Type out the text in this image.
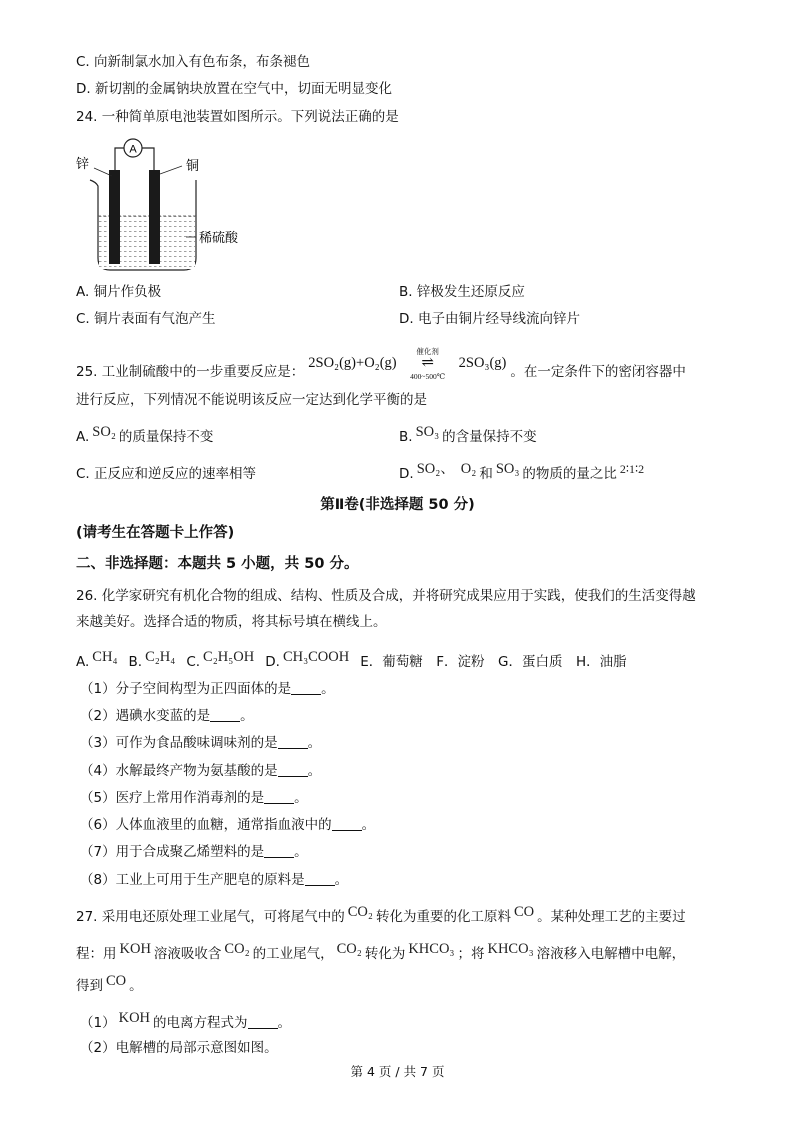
C. 向新制氯水加入有色布条，布条褪色
D. 新切割的金属钠块放置在空气中，切面无明显变化
24. 一种简单原电池装置如图所示。下列说法正确的是
A
锌	铜
稀硫酸
A. 铜片作负极	B. 锌极发生还原反应
C. 铜片表面有气泡产生	D. 电子由铜片经导线流向锌片
25. 工业制硫酸中的一步重要反应是：2SO₂(g)+O₂(g) ⇌
催化剂
400~500℃
2SO₃(g)。在一定条件下的密闭容器中
进行反应，下列情况不能说明该反应一定达到化学平衡的是
A. SO₂ 的质量保持不变	B. SO₃ 的含量保持不变
C. 正反应和逆反应的速率相等	D. SO₂、 O₂ 和 SO₃ 的物质的量之比 2∶1∶2
第Ⅱ卷(非选择题 50 分)
(请考生在答题卡上作答)
二、非选择题：本题共 5 小题，共 50 分。
26. 化学家研究有机化合物的组成、结构、性质及合成，并将研究成果应用于实践，使我们的生活变得越
来越美好。选择合适的物质，将其标号填在横线上。
A. CH₄ B. C₂H₄ C. C₂H₅OH D. CH₃COOH E．葡萄糖　F．淀粉　G．蛋白质　H．油脂
（1）分子空间构型为正四面体的是 。
（2）遇碘水变蓝的是 。
（3）可作为食品酸味调味剂的是 。
（4）水解最终产物为氨基酸的是 。
（5）医疗上常用作消毒剂的是 。
（6）人体血液里的血糖，通常指血液中的 。
（7）用于合成聚乙烯塑料的是 。
（8）工业上可用于生产肥皂的原料是 。
27. 采用电还原处理工业尾气，可将尾气中的 CO₂ 转化为重要的化工原料 CO 。某种处理工艺的主要过
程：用 KOH 溶液吸收含 CO₂ 的工业尾气， CO₂ 转化为 KHCO₃ ；将 KHCO₃ 溶液移入电解槽中电解，
得到 CO 。
（1） KOH 的电离方程式为 。
（2）电解槽的局部示意图如图。
第 4 页 / 共 7 页
